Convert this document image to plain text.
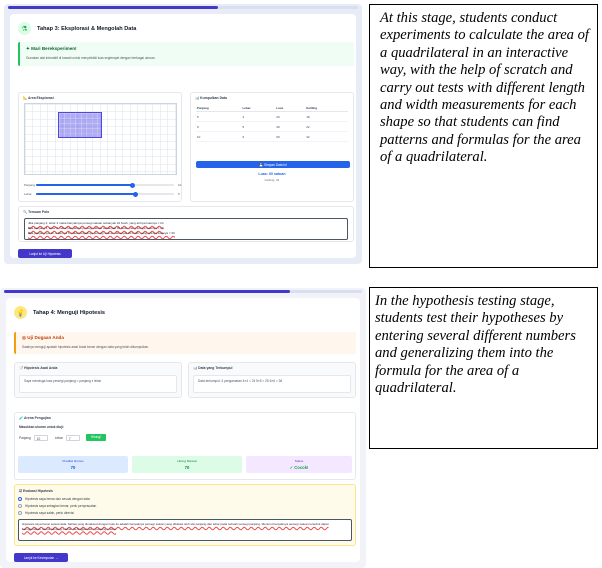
⚗	Tahap 3: Eksplorasi & Mengolah Data
✦ Mari Bereksperimen!
Gunakan alat interaktif di bawah untuk menyelidiki luas segiempat dengan berbagai ukuran.
📐 Area Eksplorasi
Panjang	10
Lebar	6
📊 Kumpulkan Data
Panjang	Lebar	Luas	Keliling
5	4	20	18
6	5	30	22
10	6	60	32
💾 Simpan Data Ini
Luas: 60 satuan
Keliling: 32
🔍 Temuan Polo
Jika panjang 4, lebar 4 maka banyaknya persegi satuan sebanyak 24 buah, yang artinya luasnya = 24
Jika panjang 5, lebar 5 maka banyaknya persegi satuan sebanyak 30 buah, yang artinya luasnya = 30
Jika panjangnya 10, lebarnya 6 maka banyaknya persegi satuan sebanyak 60 buah, yang artinya luasnya = 60
Lanjut ke Uji Hipotesis
💡	Tahap 4: Menguji Hipotesis
◎ Uji Dugaan Anda
Saatnya menguji apakah hipotesis awal Anda benar dengan data yang telah dikumpulkan.
📝 Hipotesis Awal Anda
Saya menduga luas persegi panjang = panjang x lebar
📊 Data yang Terkumpul
Data terkumpul: 3 pengamatan 4×4 = 24 5×5 = 25 6×6 = 36
🧪 Arena Pengujian
Masukkan ukuran untuk diuji:
Panjang	10	Lebar	7	Hitung!
Prediksi Rumus
70
Hitung Manual
70
Status
✓ Cocok!
☑ Evaluasi Hipotesis
Hipotesis saya benar dan sesuai dengan data
Hipotesis saya sebagian benar, perlu penyesuaian
Hipotesis saya salah, perlu direvisi
Hipotesis saya benar sesuai data, bahwa yang dimaksud dengan luas itu adalah banyaknya persegi satuan yang dibatasi oleh sisi panjang dan lebar pada sebuah persegi panjang. Menurut banyaknya persegi satuan tersebut dapat menggunakan rumus panjang x lebar. Sehingga luas = panjang x lebar
Lanjut ke Kesimpulan →
At this stage, students conduct experiments to calculate the area of a quadrilateral in an interactive way, with the help of scratch and carry out tests with different length and width measurements for each shape so that students can find patterns and formulas for the area of a quadrilateral.
In the hypothesis testing stage, students test their hypotheses by entering several different numbers and generalizing them into the formula for the area of a quadrilateral.
